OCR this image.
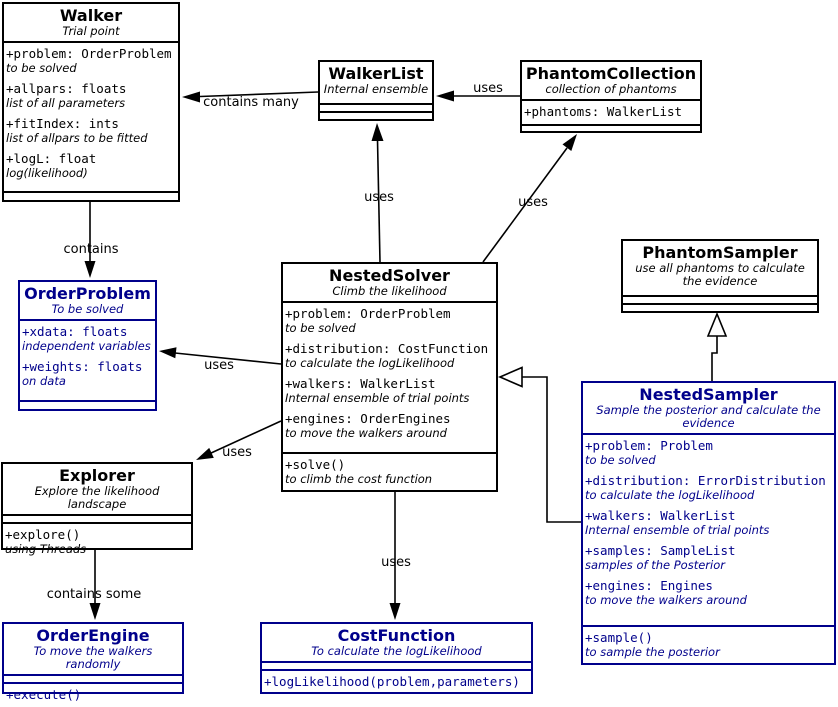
contains many
uses
uses	uses
contains
uses
uses
contains some
uses
Walker
Trial point
+problem: OrderProblem
to be solved
+allpars: floats
list of all parameters
+fitIndex: ints
list of allpars to be fitted
+logL: float
log(likelihood)
WalkerList
Internal ensemble
PhantomCollection
collection of phantoms
+phantoms: WalkerList
NestedSolver
Climb the likelihood
+problem: OrderProblem
to be solved
+distribution: CostFunction
to calculate the logLikelihood
+walkers: WalkerList
Internal ensemble of trial points
+engines: OrderEngines
to move the walkers around
+solve()
to climb the cost function
OrderProblem
To be solved
+xdata: floats
independent variables
+weights: floats
on data
PhantomSampler
use all phantoms to calculate the evidence
NestedSampler
Sample the posterior and calculate the evidence
+problem: Problem
to be solved
+distribution: ErrorDistribution
to calculate the logLikelihood
+walkers: WalkerList
Internal ensemble of trial points
+samples: SampleList
samples of the Posterior
+engines: Engines
to move the walkers around
+sample()
to sample the posterior
Explorer
Explore the likelihood landscape
+explore()
using Threads
OrderEngine
To move the walkers randomly
+execute()
CostFunction
To calculate the logLikelihood
+logLikelihood(problem,parameters)
